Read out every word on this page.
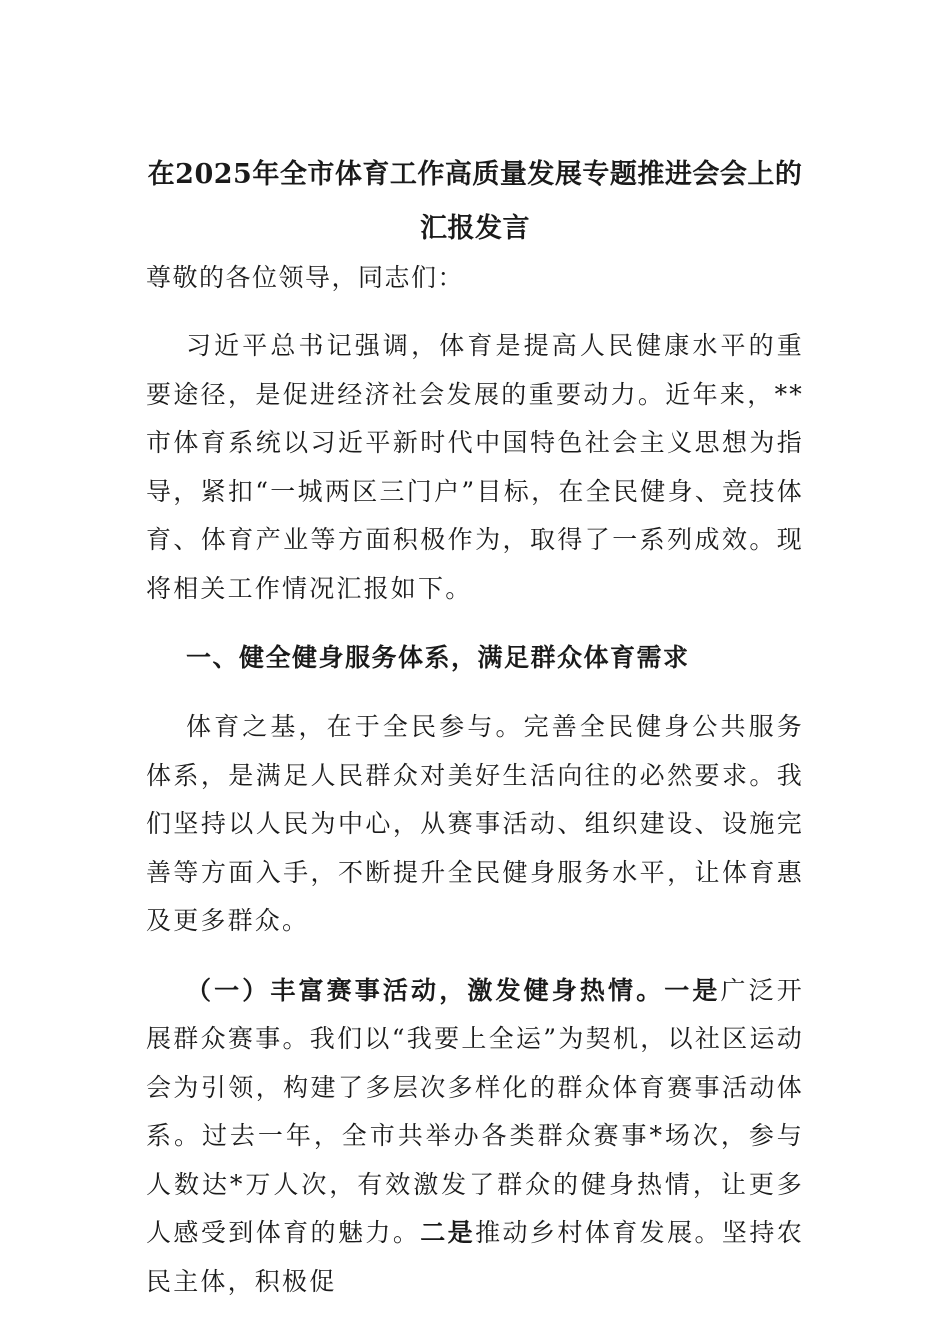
在2025年全市体育工作高质量发展专题推进会会上的汇报发言

尊敬的各位领导，同志们：

习近平总书记强调，体育是提高人民健康水平的重要途径，是促进经济社会发展的重要动力。近年来，**市体育系统以习近平新时代中国特色社会主义思想为指导，紧扣“一城两区三门户”目标，在全民健身、竞技体育、体育产业等方面积极作为，取得了一系列成效。现将相关工作情况汇报如下。

一、健全健身服务体系，满足群众体育需求

体育之基，在于全民参与。完善全民健身公共服务体系，是满足人民群众对美好生活向往的必然要求。我们坚持以人民为中心，从赛事活动、组织建设、设施完善等方面入手，不断提升全民健身服务水平，让体育惠及更多群众。

（一）丰富赛事活动，激发健身热情。一是广泛开展群众赛事。我们以“我要上全运”为契机，以社区运动会为引领，构建了多层次多样化的群众体育赛事活动体系。过去一年，全市共举办各类群众赛事*场次，参与人数达*万人次，有效激发了群众的健身热情，让更多人感受到体育的魅力。二是推动乡村体育发展。坚持农民主体，积极促
